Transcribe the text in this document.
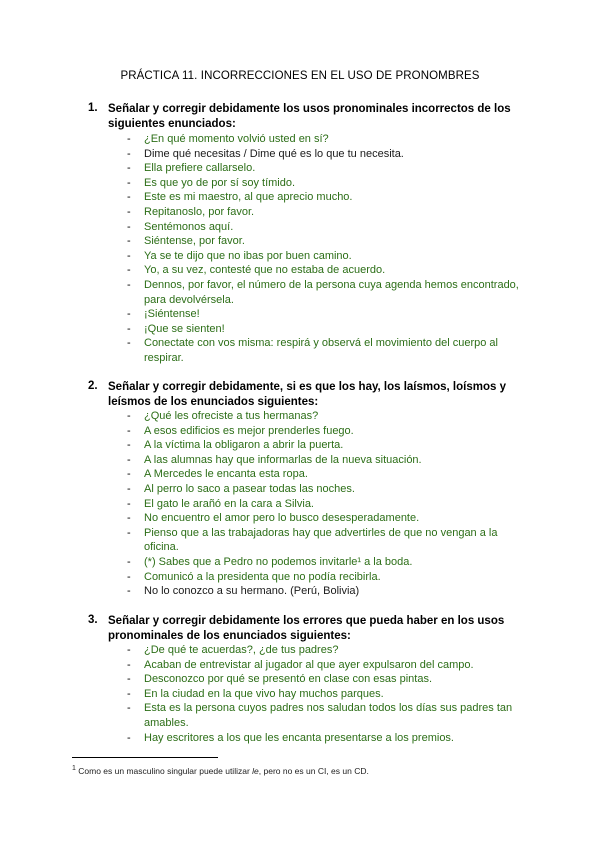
PRÁCTICA 11. INCORRECCIONES EN EL USO DE PRONOMBRES
1. Señalar y corregir debidamente los usos pronominales incorrectos de los siguientes enunciados:
- ¿En qué momento volvió usted en sí?
- Dime qué necesitas / Dime qué es lo que tu necesita.
- Ella prefiere callarselo.
- Es que yo de por sí soy tímido.
- Este es mi maestro, al que aprecio mucho.
- Repitanoslo, por favor.
- Sentémonos aquí.
- Siéntense, por favor.
- Ya se te dijo que no ibas por buen camino.
- Yo, a su vez, contesté que no estaba de acuerdo.
- Dennos, por favor, el número de la persona cuya agenda hemos encontrado, para devolvérsela.
- ¡Siéntense!
- ¡Que se sienten!
- Conectate con vos misma: respirá y observá el movimiento del cuerpo al respirar.
2. Señalar y corregir debidamente, si es que los hay, los laísmos, loísmos y leísmos de los enunciados siguientes:
- ¿Qué les ofreciste a tus hermanas?
- A esos edificios es mejor prenderles fuego.
- A la víctima la obligaron a abrir la puerta.
- A las alumnas hay que informarlas de la nueva situación.
- A Mercedes le encanta esta ropa.
- Al perro lo saco a pasear todas las noches.
- El gato le arañó en la cara a Silvia.
- No encuentro el amor pero lo busco desesperadamente.
- Pienso que a las trabajadoras hay que advertirles de que no vengan a la oficina.
- (*) Sabes que a Pedro no podemos invitarle¹ a la boda.
- Comunicó a la presidenta que no podía recibirla.
- No lo conozco a su hermano. (Perú, Bolivia)
3. Señalar y corregir debidamente los errores que pueda haber en los usos pronominales de los enunciados siguientes:
- ¿De qué te acuerdas?, ¿de tus padres?
- Acaban de entrevistar al jugador al que ayer expulsaron del campo.
- Desconozco por qué se presentó en clase con esas pintas.
- En la ciudad en la que vivo hay muchos parques.
- Esta es la persona cuyos padres nos saludan todos los días sus padres tan amables.
- Hay escritores a los que les encanta presentarse a los premios.
$^1$ Como es un masculino singular puede utilizar le, pero no es un CI, es un CD.
